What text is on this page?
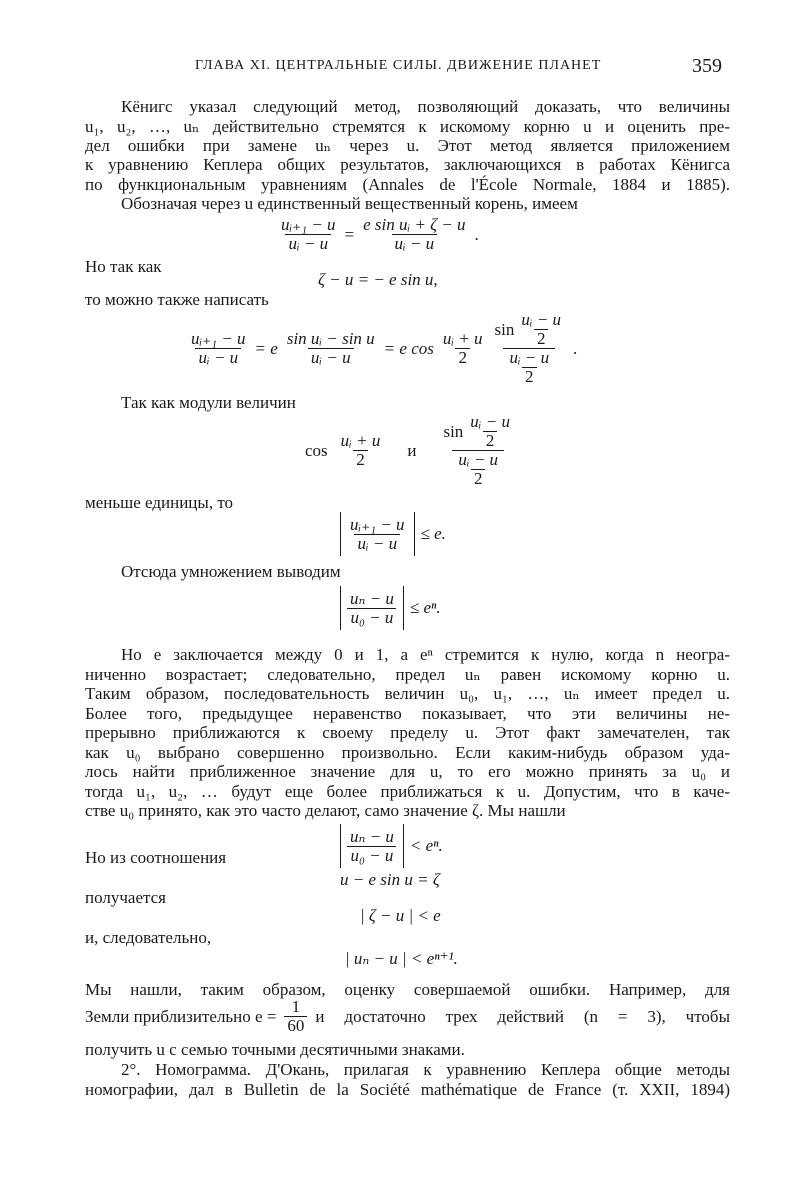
ГЛАВА XI. ЦЕНТРАЛЬНЫЕ СИЛЫ. ДВИЖЕНИЕ ПЛАНЕТ	359
Кёнигс указал следующий метод, позволяющий доказать, что величины
u₁, u₂, …, uₙ действительно стремятся к искомому корню u и оценить пре-
дел ошибки при замене uₙ через u. Этот метод является приложением
к уравнению Кеплера общих результатов, заключающихся в работах Кёнигса
по функциональным уравнениям (Annales de l'École Normale, 1884 и 1885).
Обозначая через u единственный вещественный корень, имеем
$\frac{\text{uᵢ₊₁ − u}}{\text{uᵢ − u}} = \frac{\text{e sin uᵢ + ζ − u}}{\text{uᵢ − u}}$ .
Но так как
ζ − u = − e sin u,
то можно также написать
$\frac{\text{uᵢ₊₁ − u}}{\text{uᵢ − u}} = e \frac{\text{sin uᵢ − sin u}}{\text{uᵢ − u}} = e$ $\cos \frac{\text{uᵢ + u}}{2}$
$\sin \frac{\text{uᵢ − u}}{2}$
$\frac{\text{uᵢ − u}}{2}$
.
Так как модули величин
$\cos \frac{\text{uᵢ + u}}{2}$ и
$\sin \frac{\text{uᵢ − u}}{2}$
$\frac{\text{uᵢ − u}}{2}$
меньше единицы, то
$\frac{\text{uᵢ₊₁ − u}}{\text{uᵢ − u}} \le e$.
Отсюда умножением выводим
$\frac{\text{uₙ − u}}{\text{u₀ − u}} \le e^n$.
Но e заключается между 0 и 1, а eⁿ стремится к нулю, когда n неогра-
ниченно возрастает; следовательно, предел uₙ равен искомому корню u.
Таким образом, последовательность величин u₀, u₁, …, uₙ имеет предел u.
Более того, предыдущее неравенство показывает, что эти величины не-
прерывно приближаются к своему пределу u. Этот факт замечателен, так
как u₀ выбрано совершенно произвольно. Если каким-нибудь образом уда-
лось найти приближенное значение для u, то его можно принять за u₀ и
тогда u₁, u₂, … будут еще более приближаться к u. Допустим, что в каче-
стве u₀ принято, как это часто делают, само значение ζ. Мы нашли
$\frac{\text{uₙ − u}}{\text{u₀ − u}} < e^n$.
Но из соотношения
u − e sin u = ζ
получается
| ζ − u | < e
и, следовательно,
| uₙ − u | < eⁿ⁺¹.
Мы нашли, таким образом, оценку совершаемой ошибки. Например, для
Земли приблизительно $e = \frac{1}{60}$ и достаточно трех действий (n = 3), чтобы
получить u с семью точными десятичными знаками.
2°. Номограмма. Д'Окань, прилагая к уравнению Кеплера общие методы
номографии, дал в Bulletin de la Société mathématique de France (т. XXII, 1894)
